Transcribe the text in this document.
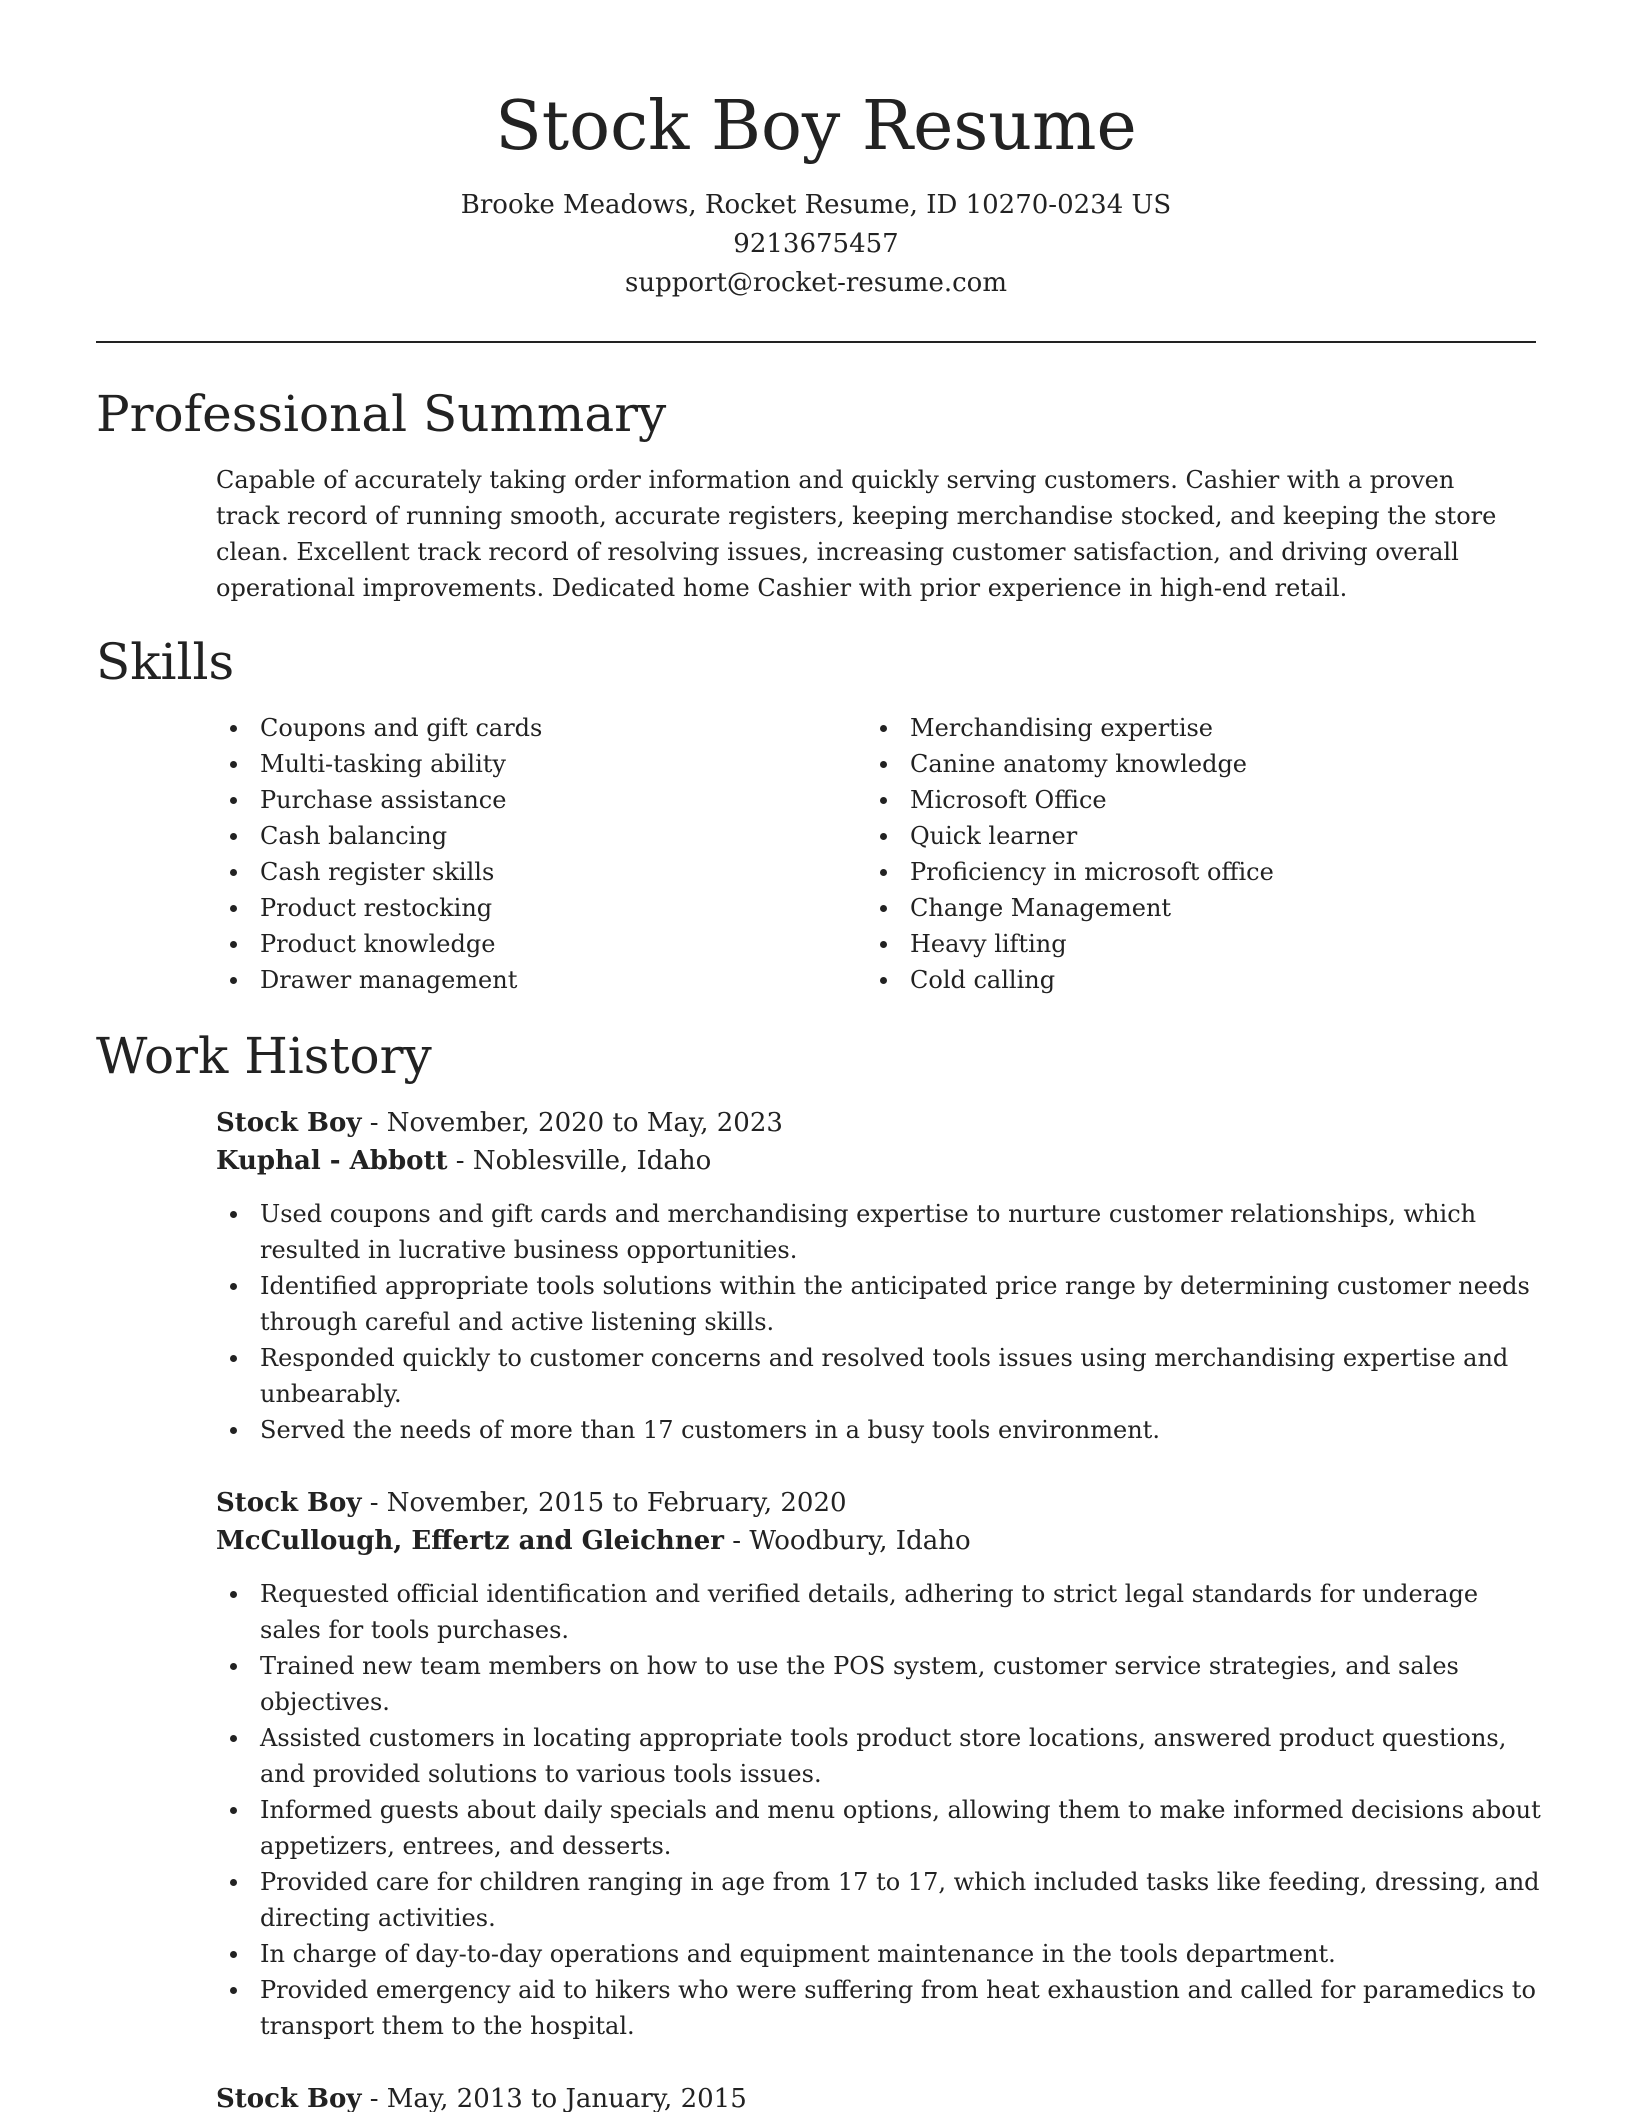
Stock Boy Resume
Brooke Meadows, Rocket Resume, ID 10270-0234 US
9213675457
support@rocket-resume.com
Professional Summary

Capable of accurately taking order information and quickly serving customers. Cashier with a proven track record of running smooth, accurate registers, keeping merchandise stocked, and keeping the store clean. Excellent track record of resolving issues, increasing customer satisfaction, and driving overall operational improvements. Dedicated home Cashier with prior experience in high-end retail.

Skills
Coupons and gift cards
Multi-tasking ability
Purchase assistance
Cash balancing
Cash register skills
Product restocking
Product knowledge
Drawer management
Merchandising expertise
Canine anatomy knowledge
Microsoft Office
Quick learner
Proficiency in microsoft office
Change Management
Heavy lifting
Cold calling
Work History
Stock Boy - November, 2020 to May, 2023
Kuphal - Abbott - Noblesville, Idaho
Used coupons and gift cards and merchandising expertise to nurture customer relationships, which resulted in lucrative business opportunities.
Identified appropriate tools solutions within the anticipated price range by determining customer needs through careful and active listening skills.
Responded quickly to customer concerns and resolved tools issues using merchandising expertise and unbearably.
Served the needs of more than 17 customers in a busy tools environment.
Stock Boy - November, 2015 to February, 2020
McCullough, Effertz and Gleichner - Woodbury, Idaho
Requested official identification and verified details, adhering to strict legal standards for underage sales for tools purchases.
Trained new team members on how to use the POS system, customer service strategies, and sales objectives.
Assisted customers in locating appropriate tools product store locations, answered product questions, and provided solutions to various tools issues.
Informed guests about daily specials and menu options, allowing them to make informed decisions about appetizers, entrees, and desserts.
Provided care for children ranging in age from 17 to 17, which included tasks like feeding, dressing, and directing activities.
In charge of day-to-day operations and equipment maintenance in the tools department.
Provided emergency aid to hikers who were suffering from heat exhaustion and called for paramedics to transport them to the hospital.
Stock Boy - May, 2013 to January, 2015
